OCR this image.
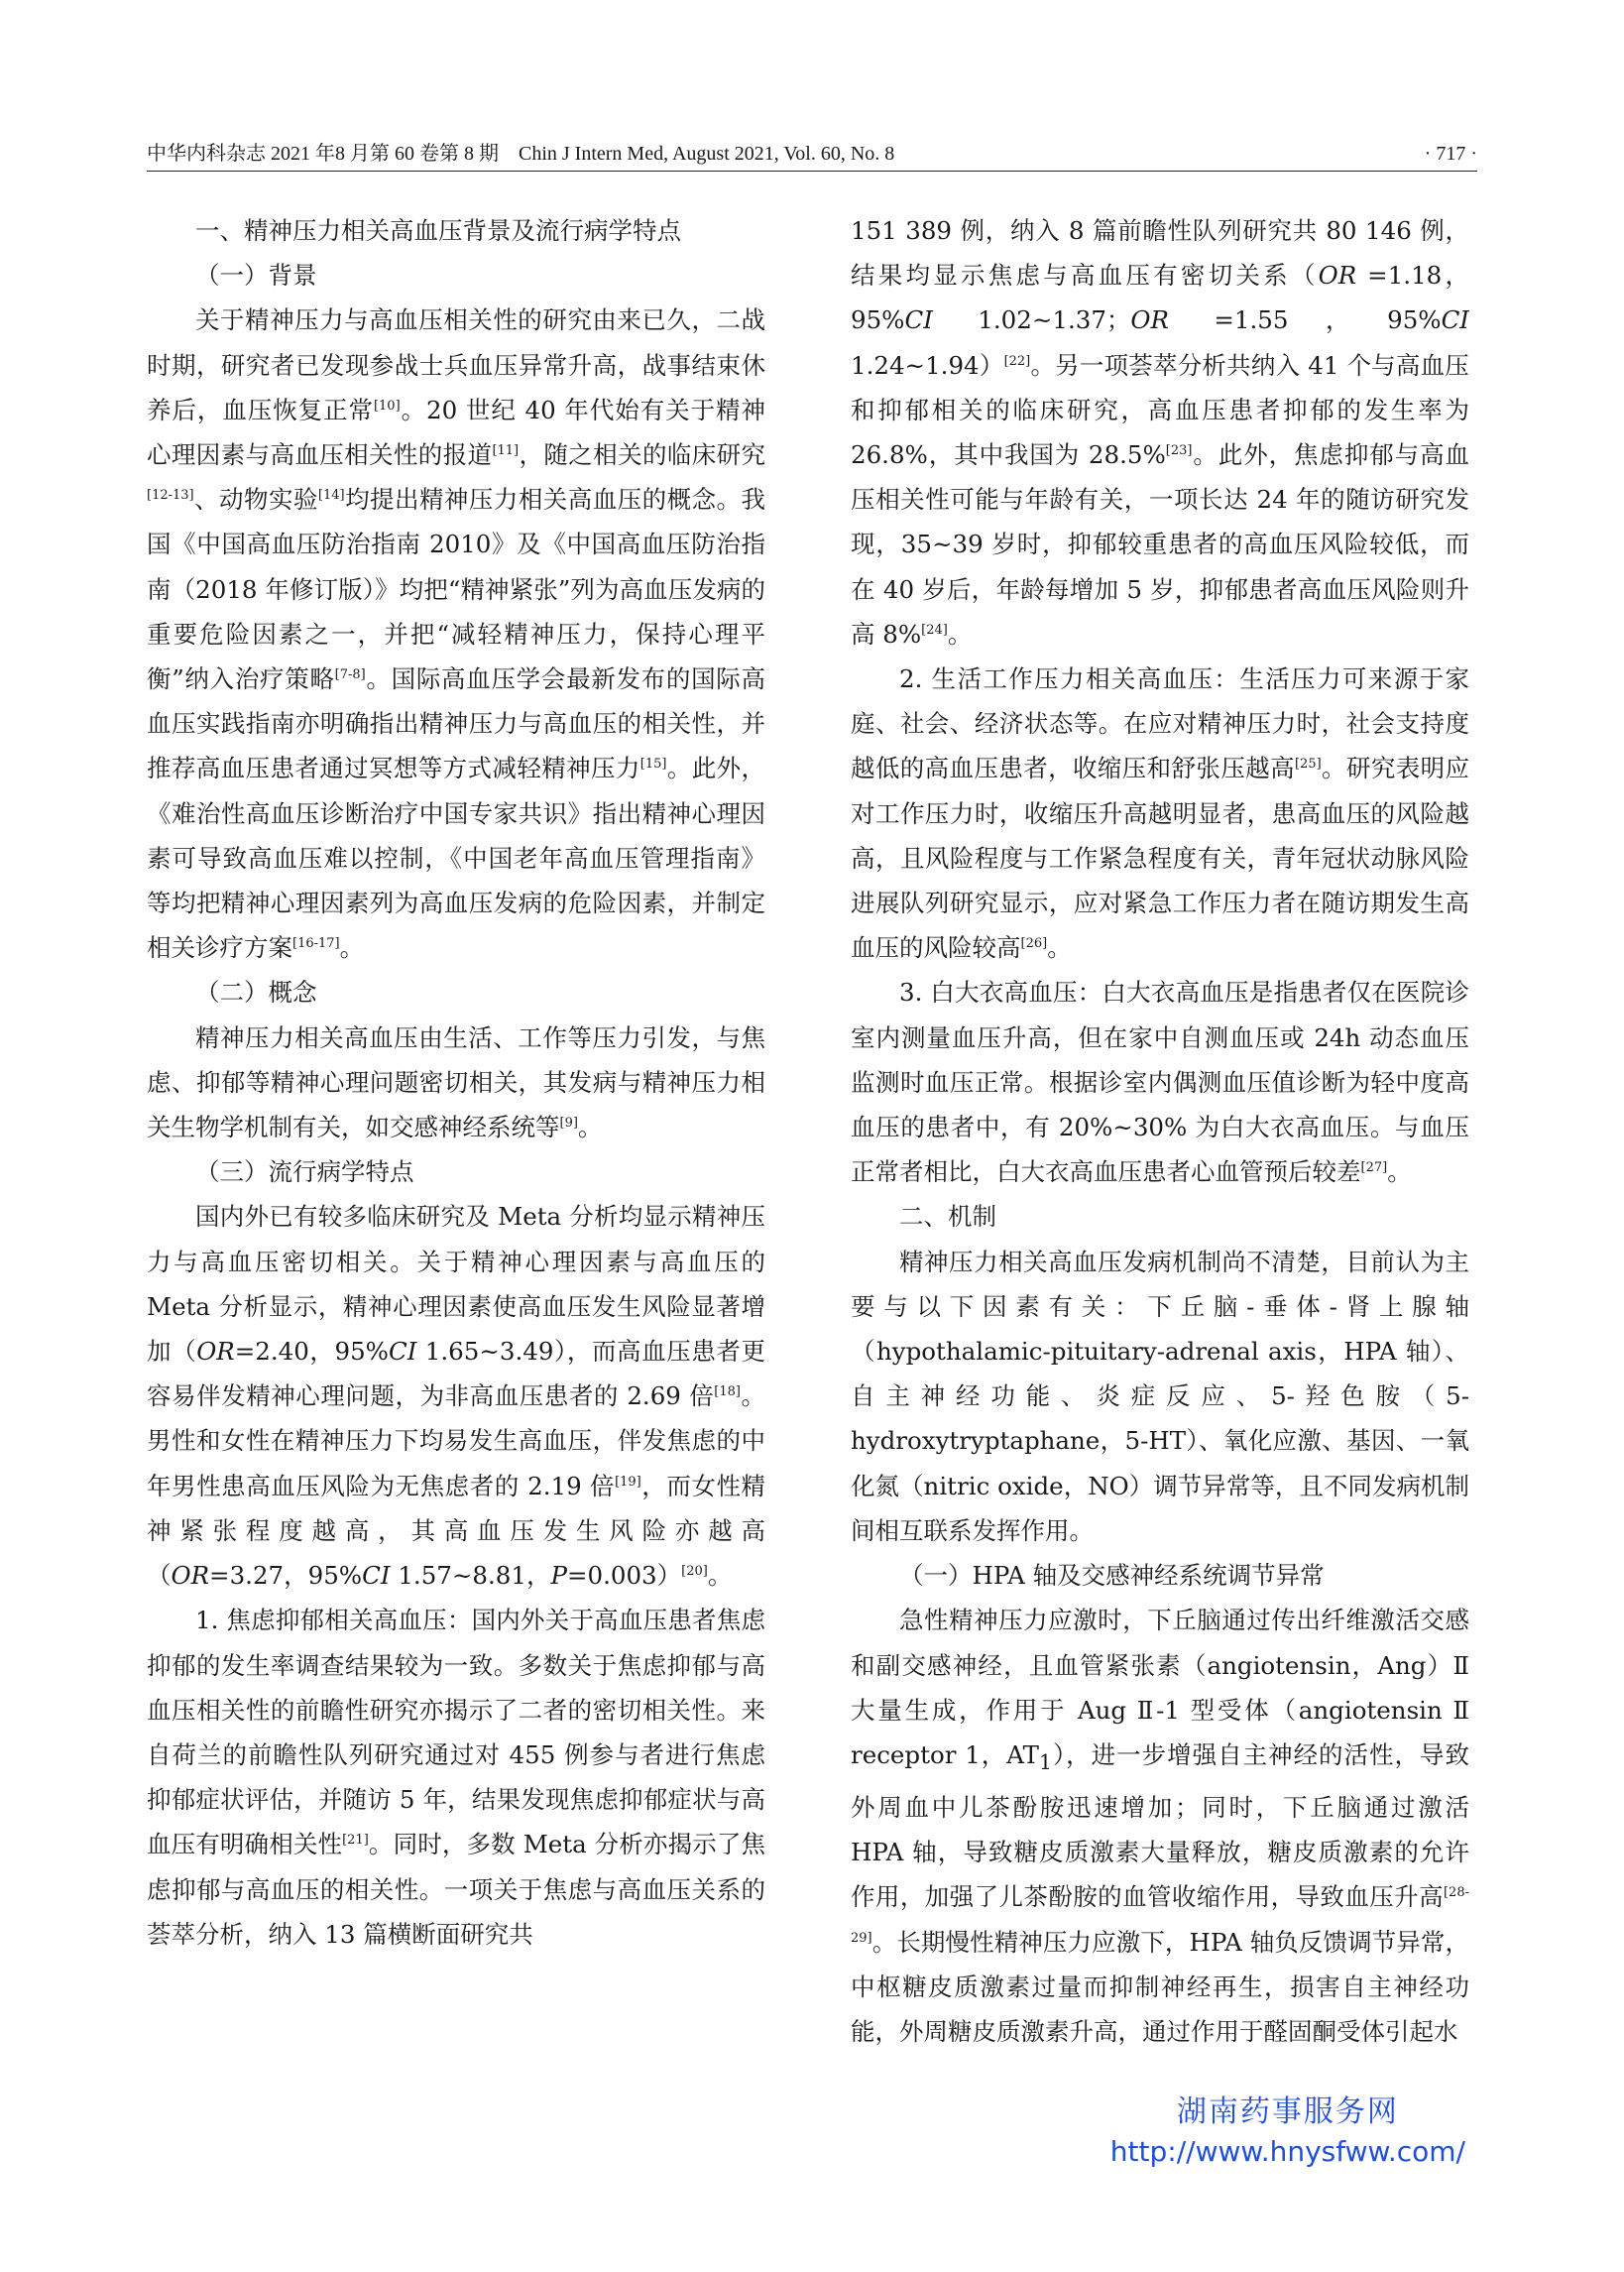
中华内科杂志 2021 年8 月第 60 卷第 8 期　Chin J Intern Med, August 2021, Vol. 60, No. 8	· 717 ·

一、精神压力相关高血压背景及流行病学特点

（一）背景

关于精神压力与高血压相关性的研究由来已久，二战时期，研究者已发现参战士兵血压异常升高，战事结束休养后，血压恢复正常[10]。20 世纪 40 年代始有关于精神心理因素与高血压相关性的报道[11]，随之相关的临床研究[12-13]、动物实验[14]均提出精神压力相关高血压的概念。我国《中国高血压防治指南 2010》及《中国高血压防治指南（2018 年修订版）》均把“精神紧张”列为高血压发病的重要危险因素之一，并把“减轻精神压力，保持心理平衡”纳入治疗策略[7-8]。国际高血压学会最新发布的国际高血压实践指南亦明确指出精神压力与高血压的相关性，并推荐高血压患者通过冥想等方式减轻精神压力[15]。此外，《难治性高血压诊断治疗中国专家共识》指出精神心理因素可导致高血压难以控制，《中国老年高血压管理指南》等均把精神心理因素列为高血压发病的危险因素，并制定相关诊疗方案[16-17]。

（二）概念

精神压力相关高血压由生活、工作等压力引发，与焦虑、抑郁等精神心理问题密切相关，其发病与精神压力相关生物学机制有关，如交感神经系统等[9]。

（三）流行病学特点

国内外已有较多临床研究及 Meta 分析均显示精神压力与高血压密切相关。关于精神心理因素与高血压的 Meta 分析显示，精神心理因素使高血压发生风险显著增加（OR=2.40，95%CI 1.65~3.49），而高血压患者更容易伴发精神心理问题，为非高血压患者的 2.69 倍[18]。男性和女性在精神压力下均易发生高血压，伴发焦虑的中年男性患高血压风险为无焦虑者的 2.19 倍[19]，而女性精神紧张程度越高，其高血压发生风险亦越高（OR=3.27，95%CI 1.57~8.81，P=0.003）[20]。

1. 焦虑抑郁相关高血压：国内外关于高血压患者焦虑抑郁的发生率调查结果较为一致。多数关于焦虑抑郁与高血压相关性的前瞻性研究亦揭示了二者的密切相关性。来自荷兰的前瞻性队列研究通过对 455 例参与者进行焦虑抑郁症状评估，并随访 5 年，结果发现焦虑抑郁症状与高血压有明确相关性[21]。同时，多数 Meta 分析亦揭示了焦虑抑郁与高血压的相关性。一项关于焦虑与高血压关系的荟萃分析，纳入 13 篇横断面研究共

151 389 例，纳入 8 篇前瞻性队列研究共 80 146 例，结果均显示焦虑与高血压有密切关系（OR =1.18，95%CI 1.02~1.37；OR =1.55，95%CI 1.24~1.94）[22]。另一项荟萃分析共纳入 41 个与高血压和抑郁相关的临床研究，高血压患者抑郁的发生率为 26.8%，其中我国为 28.5%[23]。此外，焦虑抑郁与高血压相关性可能与年龄有关，一项长达 24 年的随访研究发现，35~39 岁时，抑郁较重患者的高血压风险较低，而在 40 岁后，年龄每增加 5 岁，抑郁患者高血压风险则升高 8%[24]。

2. 生活工作压力相关高血压：生活压力可来源于家庭、社会、经济状态等。在应对精神压力时，社会支持度越低的高血压患者，收缩压和舒张压越高[25]。研究表明应对工作压力时，收缩压升高越明显者，患高血压的风险越高，且风险程度与工作紧急程度有关，青年冠状动脉风险进展队列研究显示，应对紧急工作压力者在随访期发生高血压的风险较高[26]。

3. 白大衣高血压：白大衣高血压是指患者仅在医院诊室内测量血压升高，但在家中自测血压或 24h 动态血压监测时血压正常。根据诊室内偶测血压值诊断为轻中度高血压的患者中，有 20%~30% 为白大衣高血压。与血压正常者相比，白大衣高血压患者心血管预后较差[27]。

二、机制

精神压力相关高血压发病机制尚不清楚，目前认为主要与以下因素有关：下丘脑-垂体-肾上腺轴（hypothalamic-pituitary-adrenal axis，HPA 轴）、自主神经功能、炎症反应、5-羟色胺（5-hydroxytryptaphane，5-HT）、氧化应激、基因、一氧化氮（nitric oxide，NO）调节异常等，且不同发病机制间相互联系发挥作用。

（一）HPA 轴及交感神经系统调节异常

急性精神压力应激时，下丘脑通过传出纤维激活交感和副交感神经，且血管紧张素（angiotensin，Ang）Ⅱ 大量生成，作用于 Aug Ⅱ-1 型受体（angiotensin Ⅱ receptor 1，$AT_1$），进一步增强自主神经的活性，导致外周血中儿茶酚胺迅速增加；同时，下丘脑通过激活 HPA 轴，导致糖皮质激素大量释放，糖皮质激素的允许作用，加强了儿茶酚胺的血管收缩作用，导致血压升高[28-29]。长期慢性精神压力应激下，HPA 轴负反馈调节异常，中枢糖皮质激素过量而抑制神经再生，损害自主神经功能，外周糖皮质激素升高，通过作用于醛固酮受体引起水

湖南药事服务网
http://www.hnysfww.com/
